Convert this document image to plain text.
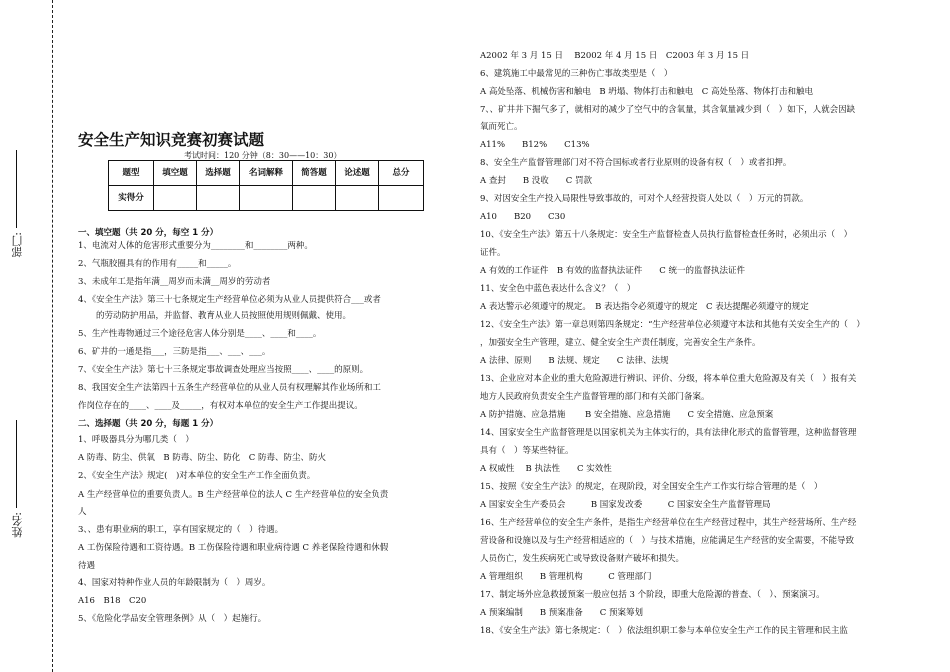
部门:
姓名:
安全生产知识竞赛初赛试题
考试时间：120 分钟（8：30——10：30）
题型	填空题	选择题	名词解释	简答题	论述题	总分
实得分						
一、填空题（共 20 分，每空 1 分）
1、电流对人体的危害形式重要分为________和________两种。
2、气瓶胶圈具有的作用有_____和_____。
3、未成年工是指年满__周岁而未满__周岁的劳动者
4、《安全生产法》第三十七条规定生产经营单位必须为从业人员提供符合___或者
的劳动防护用品，并监督、教育从业人员按照使用规则佩戴、使用。
5、生产性毒物通过三个途径危害人体分别是____、____和____。
6、矿井的一通是指___，三防是指___、___、___。
7、《安全生产法》第七十三条规定事故调查处理应当按照____、____的原则。
8、我国安全生产法第四十五条生产经营单位的从业人员有权理解其作业场所和工
作岗位存在的____、____及_____，有权对本单位的安全生产工作提出提议。
二、选择题（共 20 分，每题 1 分）
1、呼吸器具分为哪几类（　）
A 防毒、防尘、供氧　B 防毒、防尘、防化　C 防毒、防尘、防火
2、《安全生产法》规定(　)对本单位的安全生产工作全面负责。
A 生产经营单位的重要负责人。B 生产经营单位的法人 C 生产经营单位的安全负责
人
3、、患有职业病的职工，享有国家规定的（　）待遇。
A 工伤保险待遇和工资待遇。B 工伤保险待遇和职业病待遇 C 养老保险待遇和休假
待遇
4、国家对特种作业人员的年龄限制为（　）周岁。
A16　B18　C20
5、《危险化学品安全管理条例》从（　）起施行。
A2002 年 3 月 15 日　 B2002 年 4 月 15 日　C2003 年 3 月 15 日
6、建筑施工中最常见的三种伤亡事故类型是（　）
A 高处坠落、机械伤害和触电　B 坍塌、物体打击和触电　C 高处坠落、物体打击和触电
7、、矿井井下掘气多了，就相对的减少了空气中的含氧量，其含氧量减少到（　）如下，人就会因缺
氧而死亡。
A11%　　B12%　　C13%
8、安全生产监督管理部门对不符合国标或者行业原则的设备有权（　）或者扣押。
A 查封　　B 没收　　C 罚款
9、对因安全生产投入局限性导致事故的，可对个人经营投资人处以（　）万元的罚款。
A10　　B20　　C30
10、《安全生产法》第五十八条规定：安全生产监督检查人员执行监督检查任务时，必须出示（　）
证件。
A 有效的工作证件　B 有效的监督执法证件　　C 统一的监督执法证件
11、安全色中蓝色表达什么含义？（　）
A 表达警示必须遵守的规定。　B 表达指令必须遵守的规定　C 表达提醒必须遵守的规定
12、《安全生产法》第一章总则第四条规定：“生产经营单位必须遵守本法和其他有关安全生产的（　）
，加强安全生产管理，建立、健全安全生产责任制度，完善安全生产条件。
A 法律、原则　　B 法规、规定　　C 法律、法规
13、企业应对本企业的重大危险源进行辨识、评价、分级，将本单位重大危险源及有关（　）报有关
地方人民政府负责安全生产监督管理的部门和有关部门备案。
A 防护措施、应急措施　　 B 安全措施、应急措施　　C 安全措施、应急预案
14、国家安全生产监督管理是以国家机关为主体实行的，具有法律化形式的监督管理，这种监督管理
具有（　）等某些特征。
A 权威性　 B 执法性　　C 实效性
15、按照《安全生产法》的规定，在现阶段，对全国安全生产工作实行综合管理的是（　）
A 国家安全生产委员会　　　B 国家发改委　　　C 国家安全生产监督管理局
16、生产经营单位的安全生产条件，是指生产经营单位在生产经营过程中，其生产经营场所、生产经
营设备和设施以及与生产经营相适应的（　）与技术措施，应能满足生产经营的安全需要，不能导致
人员伤亡，发生疾病死亡或导致设备财产破坏和损失。
A 管理组织　　B 管理机构　　　C 管理部门
17、制定场外应急救援预案一般应包括 3 个阶段，即重大危险源的普查、（　）、预案演习。
A 预案编制　　B 预案准备　　C 预案筹划
18、《安全生产法》第七条规定：（　）依法组织职工参与本单位安全生产工作的民主管理和民主监
